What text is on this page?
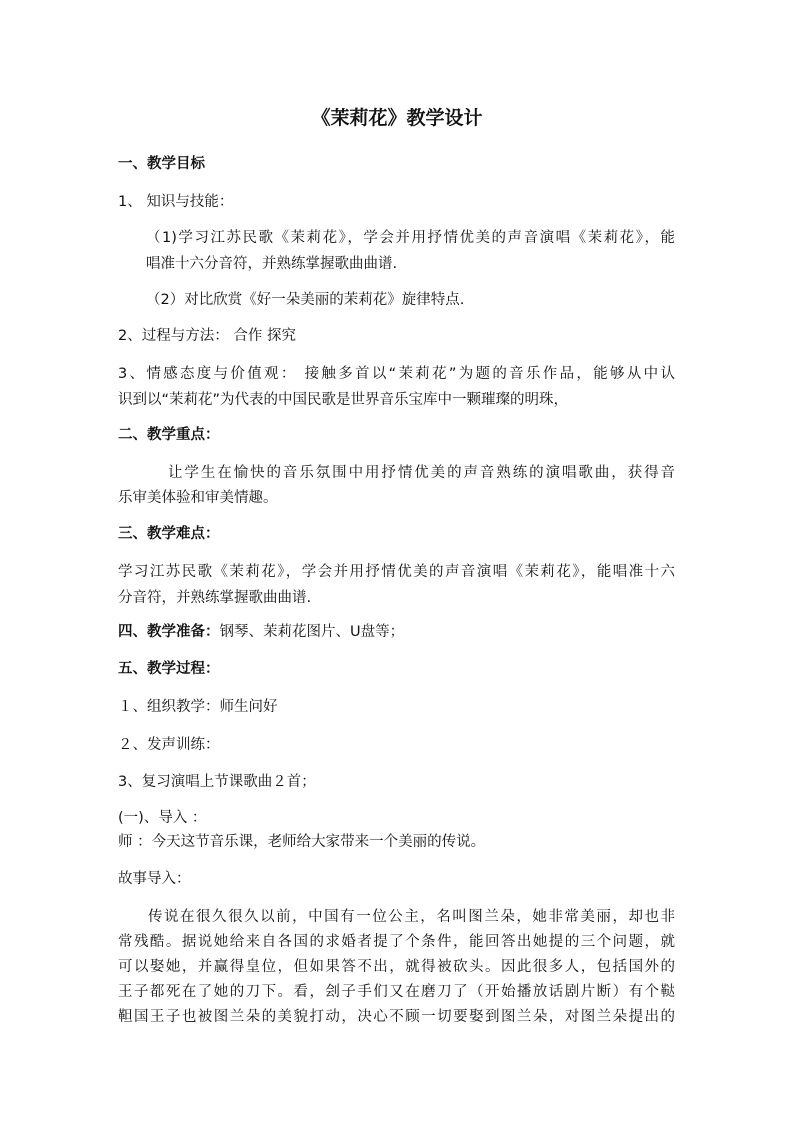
《茉莉花》教学设计
一、教学目标
1、 知识与技能：
（1)学习江苏民歌《茉莉花》，学会并用抒情优美的声音演唱《茉莉花》，能
唱准十六分音符，并熟练掌握歌曲曲谱.
（2）对比欣赏《好一朵美丽的茉莉花》旋律特点.
2、过程与方法： 合作 探究
3、情感态度与价值观： 接触多首以“茉莉花”为题的音乐作品，能够从中认
识到以“茉莉花”为代表的中国民歌是世界音乐宝库中一颗璀璨的明珠，
二、教学重点：
让学生在愉快的音乐氛围中用抒情优美的声音熟练的演唱歌曲，获得音
乐审美体验和审美情趣。
三、教学难点：
学习江苏民歌《茉莉花》，学会并用抒情优美的声音演唱《茉莉花》，能唱准十六
分音符，并熟练掌握歌曲曲谱.
四、教学准备：钢琴、茉莉花图片、U盘等；
五、教学过程：
１、组织教学：师生问好
２、发声训练：
3、复习演唱上节课歌曲２首；
(一)、导入 ：
师 ：今天这节音乐课，老师给大家带来一个美丽的传说。
故事导入：
传说在很久很久以前，中国有一位公主，名叫图兰朵，她非常美丽，却也非
常残酷。据说她给来自各国的求婚者提了个条件，能回答出她提的三个问题，就
可以娶她，并赢得皇位，但如果答不出，就得被砍头。因此很多人，包括国外的
王子都死在了她的刀下。看，刽子手们又在磨刀了（开始播放话剧片断）有个鞑
靼国王子也被图兰朵的美貌打动，决心不顾一切要娶到图兰朵，对图兰朵提出的
